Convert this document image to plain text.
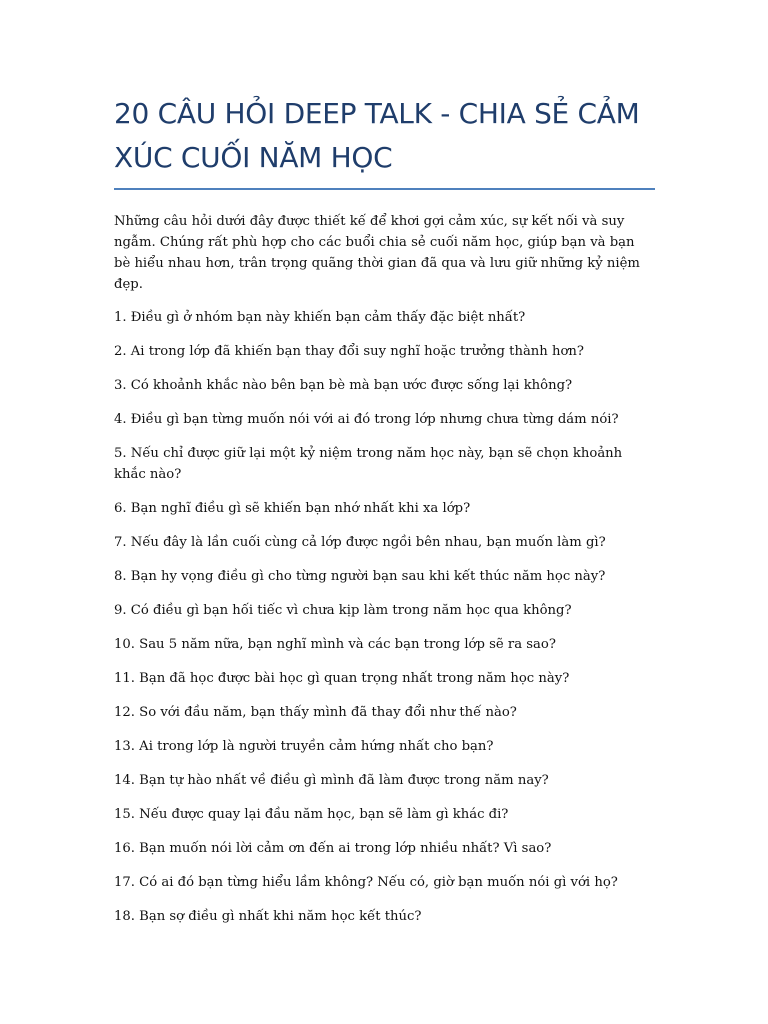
20 CÂU HỎI DEEP TALK - CHIA SẺ CẢM XÚC CUỐI NĂM HỌC

Những câu hỏi dưới đây được thiết kế để khơi gợi cảm xúc, sự kết nối và suy ngẫm. Chúng rất phù hợp cho các buổi chia sẻ cuối năm học, giúp bạn và bạn bè hiểu nhau hơn, trân trọng quãng thời gian đã qua và lưu giữ những kỷ niệm đẹp.

1. Điều gì ở nhóm bạn này khiến bạn cảm thấy đặc biệt nhất?
2. Ai trong lớp đã khiến bạn thay đổi suy nghĩ hoặc trưởng thành hơn?
3. Có khoảnh khắc nào bên bạn bè mà bạn ước được sống lại không?
4. Điều gì bạn từng muốn nói với ai đó trong lớp nhưng chưa từng dám nói?
5. Nếu chỉ được giữ lại một kỷ niệm trong năm học này, bạn sẽ chọn khoảnh khắc nào?
6. Bạn nghĩ điều gì sẽ khiến bạn nhớ nhất khi xa lớp?
7. Nếu đây là lần cuối cùng cả lớp được ngồi bên nhau, bạn muốn làm gì?
8. Bạn hy vọng điều gì cho từng người bạn sau khi kết thúc năm học này?
9. Có điều gì bạn hối tiếc vì chưa kịp làm trong năm học qua không?
10. Sau 5 năm nữa, bạn nghĩ mình và các bạn trong lớp sẽ ra sao?
11. Bạn đã học được bài học gì quan trọng nhất trong năm học này?
12. So với đầu năm, bạn thấy mình đã thay đổi như thế nào?
13. Ai trong lớp là người truyền cảm hứng nhất cho bạn?
14. Bạn tự hào nhất về điều gì mình đã làm được trong năm nay?
15. Nếu được quay lại đầu năm học, bạn sẽ làm gì khác đi?
16. Bạn muốn nói lời cảm ơn đến ai trong lớp nhiều nhất? Vì sao?
17. Có ai đó bạn từng hiểu lầm không? Nếu có, giờ bạn muốn nói gì với họ?
18. Bạn sợ điều gì nhất khi năm học kết thúc?
